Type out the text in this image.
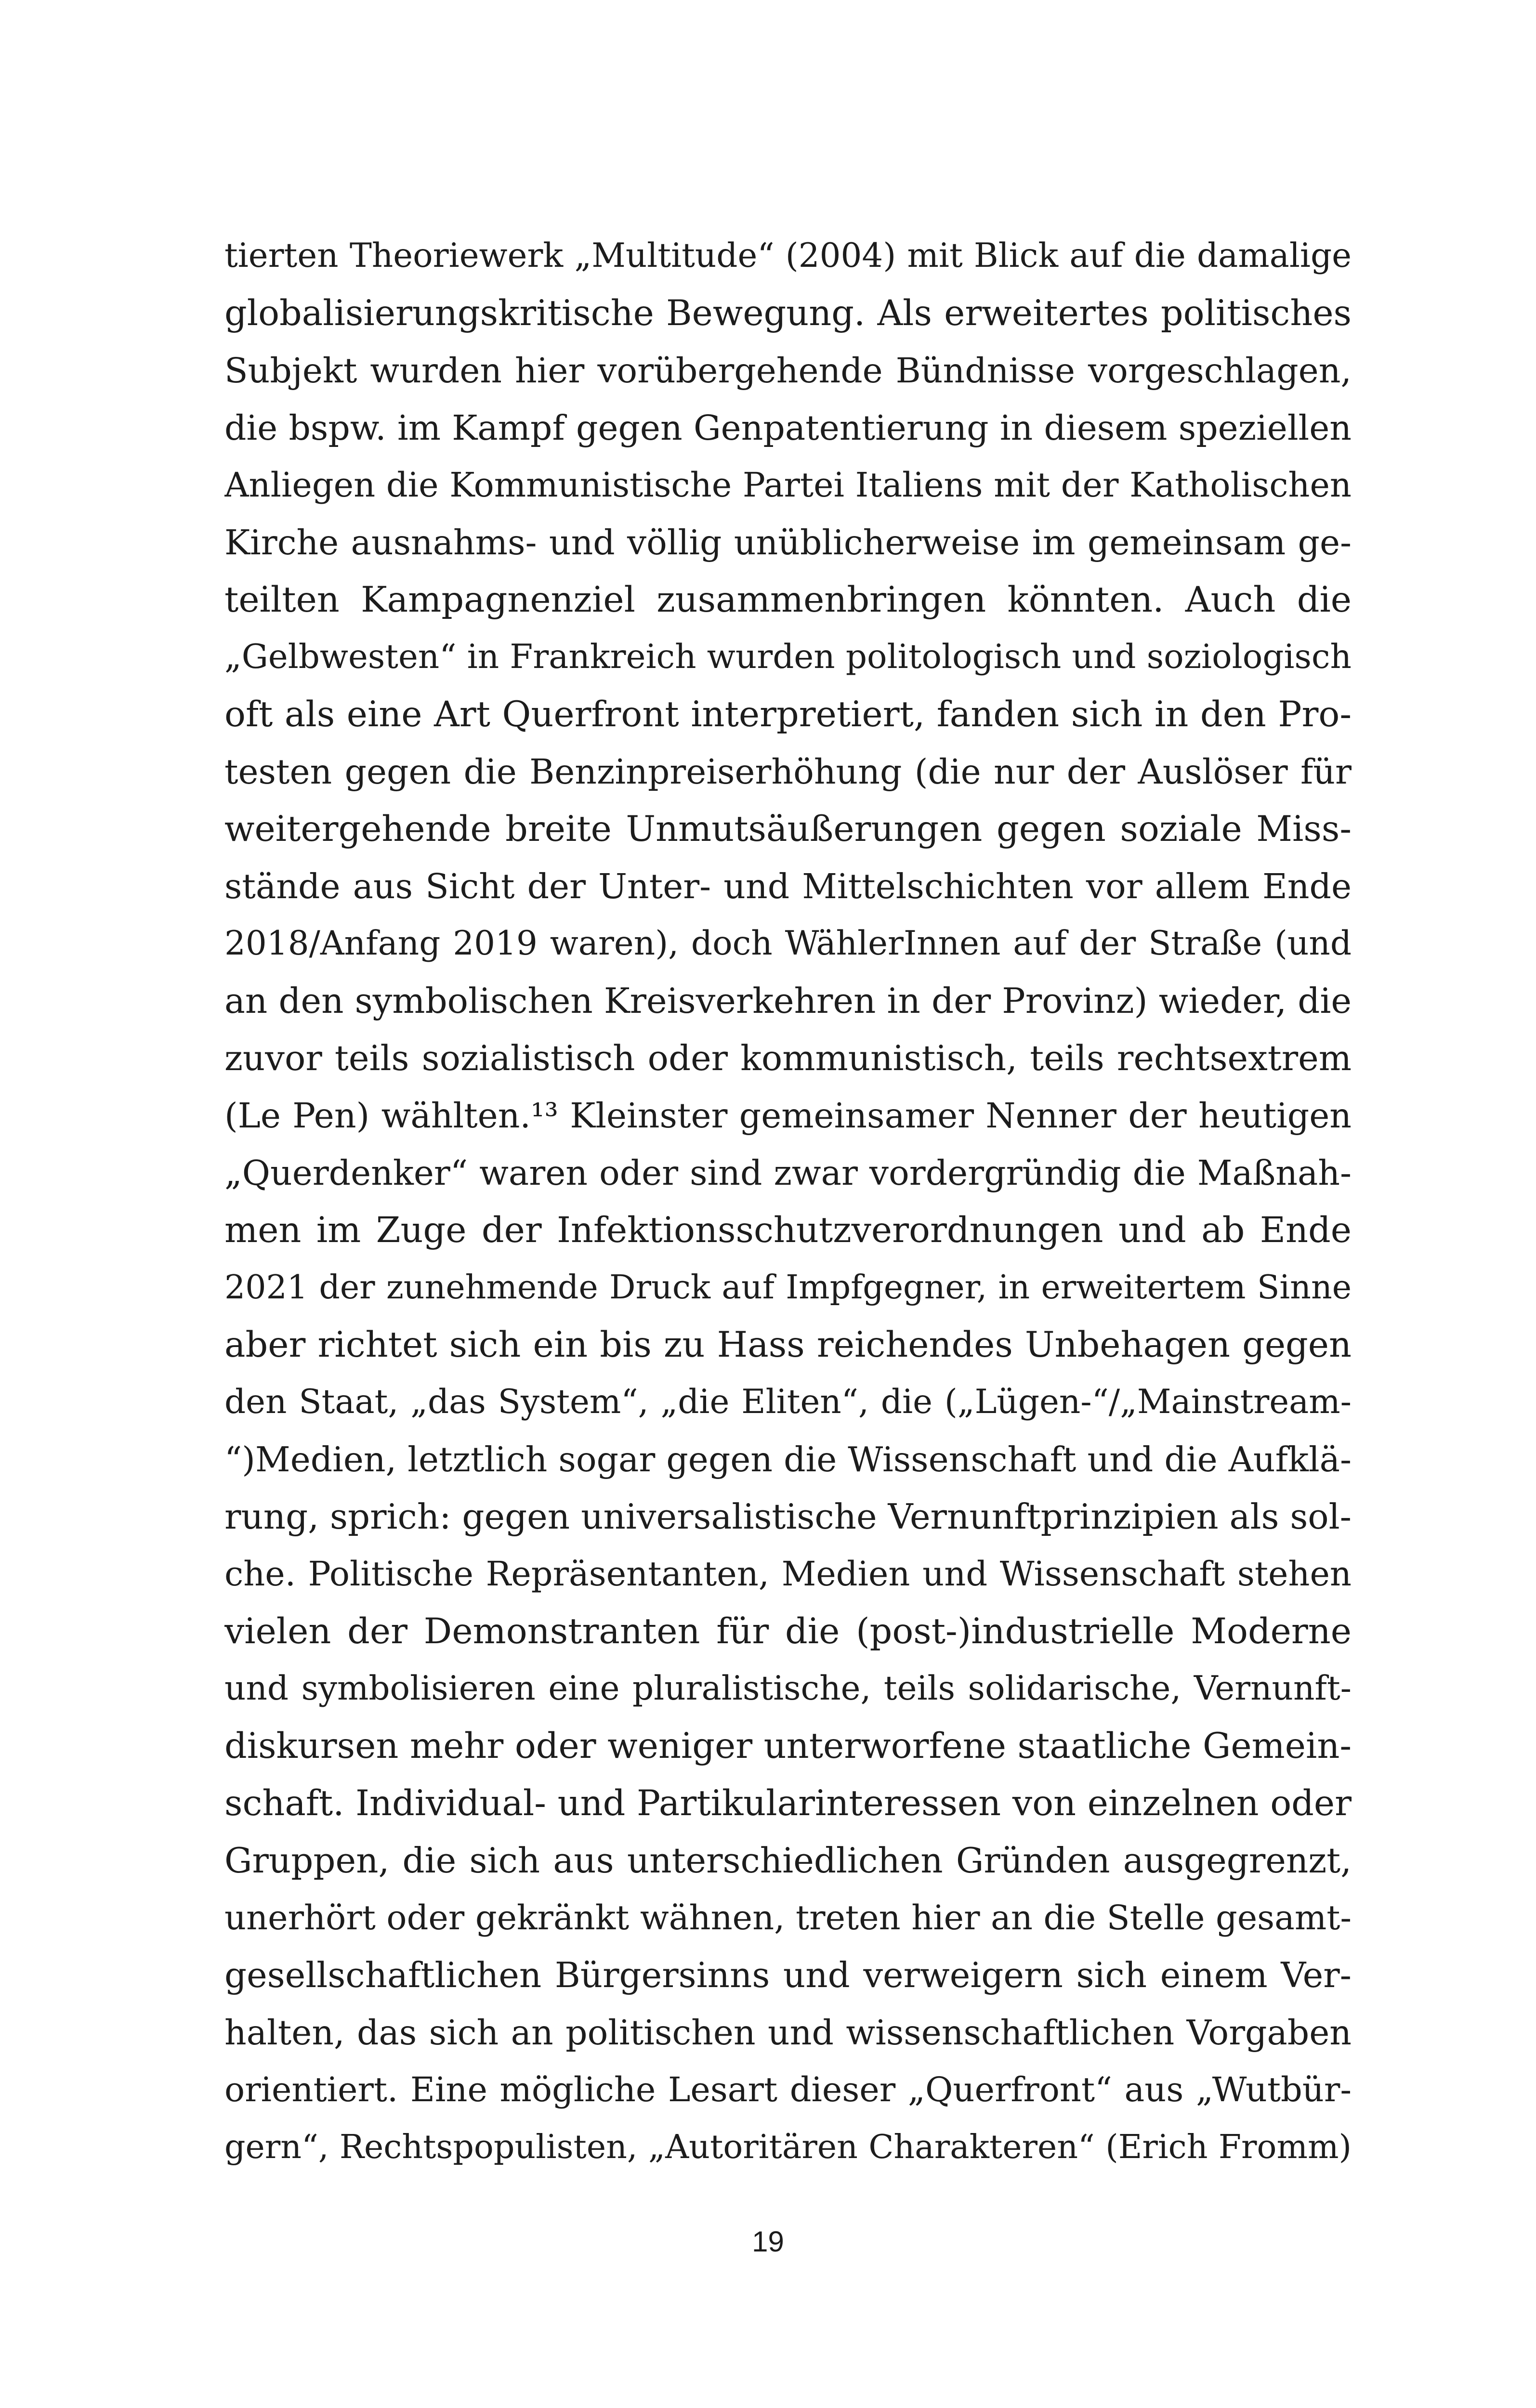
tierten Theoriewerk „Multitude“ (2004) mit Blick auf die damalige
globalisierungskritische Bewegung. Als erweitertes politisches
Subjekt wurden hier vorübergehende Bündnisse vorgeschlagen,
die bspw. im Kampf gegen Genpatentierung in diesem speziellen
Anliegen die Kommunistische Partei Italiens mit der Katholischen
Kirche ausnahms- und völlig unüblicherweise im gemeinsam ge-
teilten Kampagnenziel zusammenbringen könnten. Auch die
„Gelbwesten“ in Frankreich wurden politologisch und soziologisch
oft als eine Art Querfront interpretiert, fanden sich in den Pro-
testen gegen die Benzinpreiserhöhung (die nur der Auslöser für
weitergehende breite Unmutsäußerungen gegen soziale Miss-
stände aus Sicht der Unter- und Mittelschichten vor allem Ende
2018/Anfang 2019 waren), doch WählerInnen auf der Straße (und
an den symbolischen Kreisverkehren in der Provinz) wieder, die
zuvor teils sozialistisch oder kommunistisch, teils rechtsextrem
(Le Pen) wählten.¹³ Kleinster gemeinsamer Nenner der heutigen
„Querdenker“ waren oder sind zwar vordergründig die Maßnah-
men im Zuge der Infektionsschutzverordnungen und ab Ende
2021 der zunehmende Druck auf Impfgegner, in erweitertem Sinne
aber richtet sich ein bis zu Hass reichendes Unbehagen gegen
den Staat, „das System“, „die Eliten“, die („Lügen-“/„Mainstream-
“)Medien, letztlich sogar gegen die Wissenschaft und die Aufklä-
rung, sprich: gegen universalistische Vernunftprinzipien als sol-
che. Politische Repräsentanten, Medien und Wissenschaft stehen
vielen der Demonstranten für die (post-)industrielle Moderne
und symbolisieren eine pluralistische, teils solidarische, Vernunft-
diskursen mehr oder weniger unterworfene staatliche Gemein-
schaft. Individual- und Partikularinteressen von einzelnen oder
Gruppen, die sich aus unterschiedlichen Gründen ausgegrenzt,
unerhört oder gekränkt wähnen, treten hier an die Stelle gesamt-
gesellschaftlichen Bürgersinns und verweigern sich einem Ver-
halten, das sich an politischen und wissenschaftlichen Vorgaben
orientiert. Eine mögliche Lesart dieser „Querfront“ aus „Wutbür-
gern“, Rechtspopulisten, „Autoritären Charakteren“ (Erich Fromm)
19
